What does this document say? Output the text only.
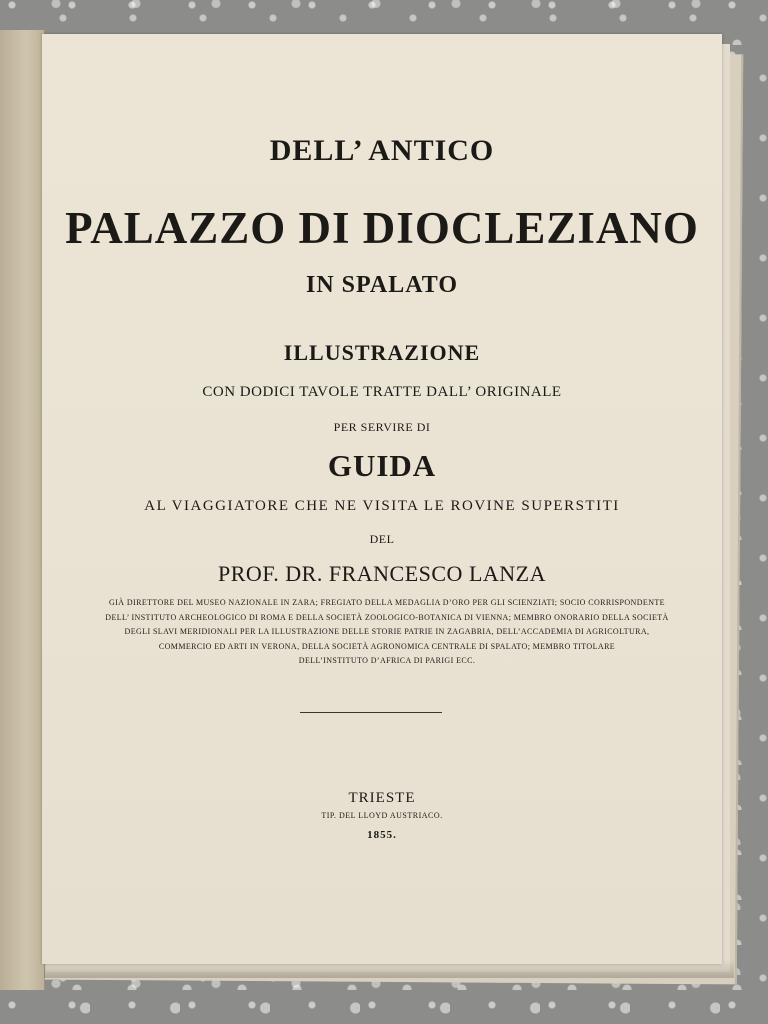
DELL’ ANTICO
PALAZZO DI DIOCLEZIANO
IN SPALATO
ILLUSTRAZIONE
CON DODICI TAVOLE TRATTE DALL’ ORIGINALE
PER SERVIRE DI
GUIDA
AL VIAGGIATORE CHE NE VISITA LE ROVINE SUPERSTITI
DEL
PROF. DR. FRANCESCO LANZA
GIÀ DIRETTORE DEL MUSEO NAZIONALE IN ZARA; FREGIATO DELLA MEDAGLIA D’ORO PER GLI SCIENZIATI; SOCIO CORRISPONDENTE
DELL’ INSTITUTO ARCHEOLOGICO DI ROMA E DELLA SOCIETÀ ZOOLOGICO-BOTANICA DI VIENNA; MEMBRO ONORARIO DELLA SOCIETÀ
DEGLI SLAVI MERIDIONALI PER LA ILLUSTRAZIONE DELLE STORIE PATRIE IN ZAGABRIA, DELL’ACCADEMIA DI AGRICOLTURA,
COMMERCIO ED ARTI IN VERONA, DELLA SOCIETÀ AGRONOMICA CENTRALE DI SPALATO; MEMBRO TITOLARE
DELL’INSTITUTO D’AFRICA DI PARIGI ECC.
TRIESTE
TIP. DEL LLOYD AUSTRIACO.
1855.
